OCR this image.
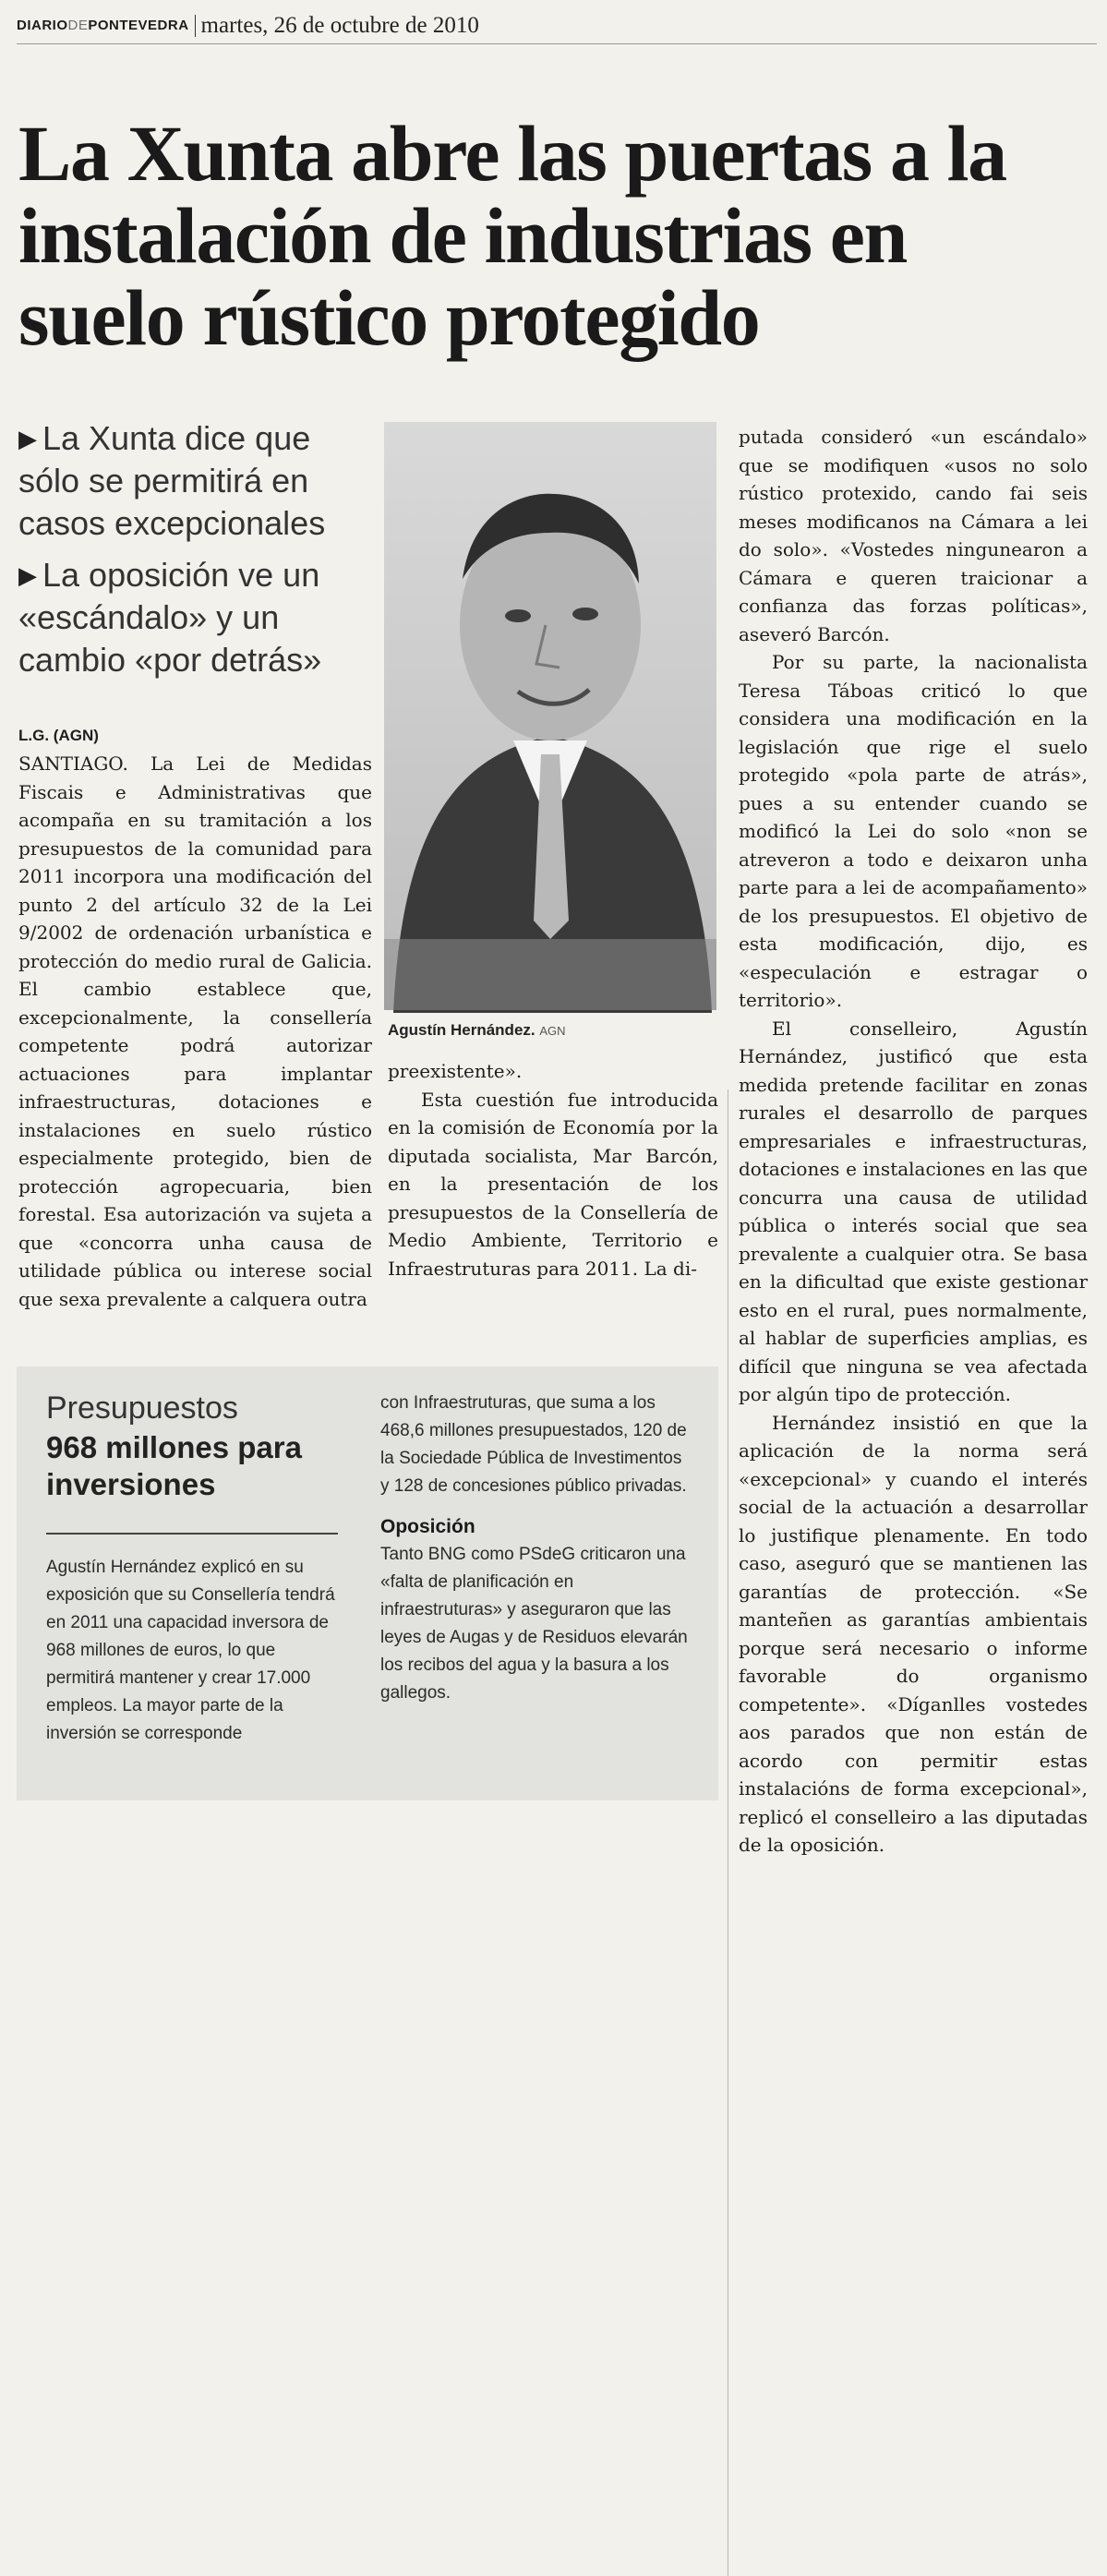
DIARIODEPONTEVEDRA martes, 26 de octubre de 2010
La Xunta abre las puertas a la instalación de industrias en suelo rústico protegido
▶ La Xunta dice que sólo se permitirá en casos excepcionales
▶ La oposición ve un «escándalo» y un cambio «por detrás»
L.G. (AGN)

SANTIAGO. La Lei de Medidas Fiscais e Administrativas que acompaña en su tramitación a los presupuestos de la comunidad para 2011 incorpora una modificación del punto 2 del artículo 32 de la Lei 9/2002 de ordenación urbanística e protección do medio rural de Galicia. El cambio establece que, excepcionalmente, la consellería competente podrá autorizar actuaciones para implantar infraestructuras, dotaciones e instalaciones en suelo rústico especialmente protegido, bien de protección agropecuaria, bien forestal. Esa autorización va sujeta a que «concorra unha causa de utilidade pública ou interese social que sexa prevalente a calquera outra

Agustín Hernández. AGN

preexistente».

Esta cuestión fue introducida en la comisión de Economía por la diputada socialista, Mar Barcón, en la presentación de los presupuestos de la Consellería de Medio Ambiente, Territorio e Infraestruturas para 2011. La di-

putada consideró «un escándalo» que se modifiquen «usos no solo rústico protexido, cando fai seis meses modificanos na Cámara a lei do solo». «Vostedes ningunearon a Cámara e queren traicionar a confianza das forzas políticas», aseveró Barcón.

Por su parte, la nacionalista Teresa Táboas criticó lo que considera una modificación en la legislación que rige el suelo protegido «pola parte de atrás», pues a su entender cuando se modificó la Lei do solo «non se atreveron a todo e deixaron unha parte para a lei de acompañamento» de los presupuestos. El objetivo de esta modificación, dijo, es «especulación e estragar o territorio».

El conselleiro, Agustín Hernández, justificó que esta medida pretende facilitar en zonas rurales el desarrollo de parques empresariales e infraestructuras, dotaciones e instalaciones en las que concurra una causa de utilidad pública o interés social que sea prevalente a cualquier otra. Se basa en la dificultad que existe gestionar esto en el rural, pues normalmente, al hablar de superficies amplias, es difícil que ninguna se vea afectada por algún tipo de protección.

Hernández insistió en que la aplicación de la norma será «excepcional» y cuando el interés social de la actuación a desarrollar lo justifique plenamente. En todo caso, aseguró que se mantienen las garantías de protección. «Se manteñen as garantías ambientais porque será necesario o informe favorable do organismo competente». «Díganlles vostedes aos parados que non están de acordo con permitir estas instalacións de forma excepcional», replicó el conselleiro a las diputadas de la oposición.

Presupuestos
968 millones para inversiones

Agustín Hernández explicó en su exposición que su Consellería tendrá en 2011 una capacidad inversora de 968 millones de euros, lo que permitirá mantener y crear 17.000 empleos. La mayor parte de la inversión se corresponde

con Infraestruturas, que suma a los 468,6 millones presupuestados, 120 de la Sociedade Pública de Investimentos y 128 de concesiones público privadas.

Oposición

Tanto BNG como PSdeG criticaron una «falta de planificación en infraestruturas» y aseguraron que las leyes de Augas y de Residuos elevarán los recibos del agua y la basura a los gallegos.
